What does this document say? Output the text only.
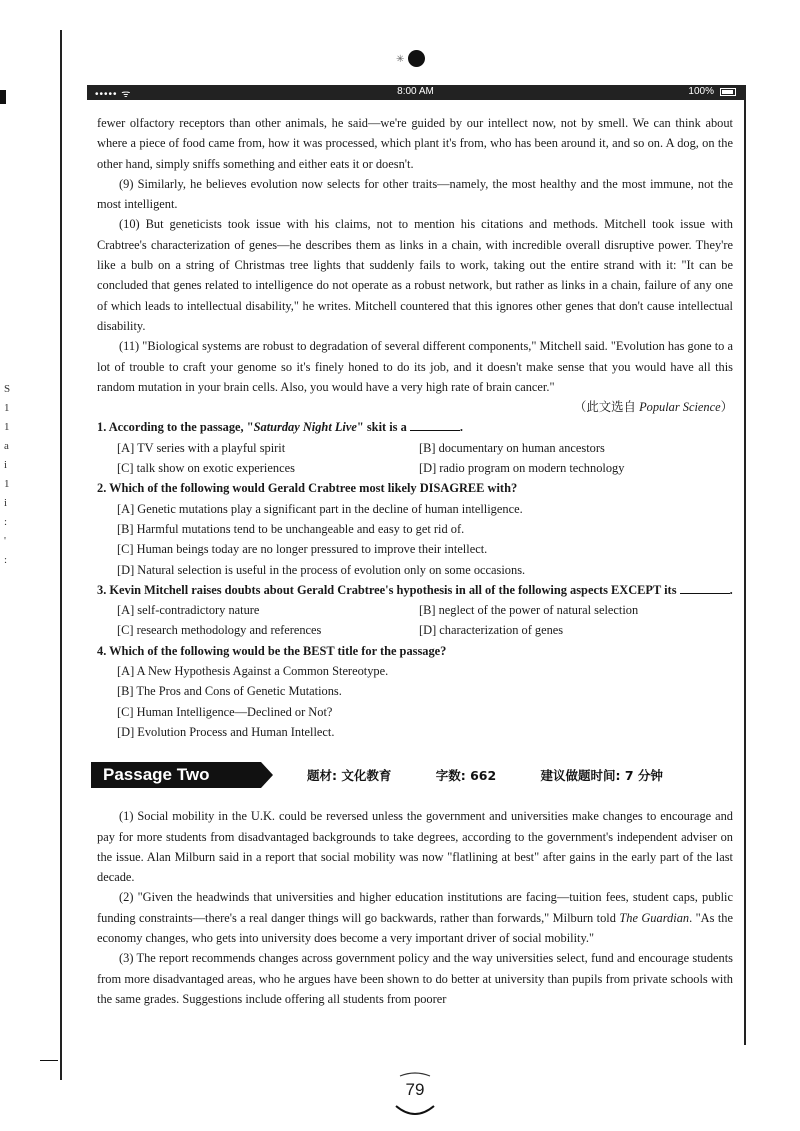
S
1
1
a
i
1
i
:
'
:
✳
••••• ᯤ	8:00 AM	100%

fewer olfactory receptors than other animals, he said—we're guided by our intellect now, not by smell. We can think about where a piece of food came from, how it was processed, which plant it's from, who has been around it, and so on. A dog, on the other hand, simply sniffs something and either eats it or doesn't.

(9) Similarly, he believes evolution now selects for other traits—namely, the most healthy and the most immune, not the most intelligent.

(10) But geneticists took issue with his claims, not to mention his citations and methods. Mitchell took issue with Crabtree's characterization of genes—he describes them as links in a chain, with incredible overall disruptive power. They're like a bulb on a string of Christmas tree lights that suddenly fails to work, taking out the entire strand with it: "It can be concluded that genes related to intelligence do not operate as a robust network, but rather as links in a chain, failure of any one of which leads to intellectual disability," he writes. Mitchell countered that this ignores other genes that don't cause intellectual disability.

(11) "Biological systems are robust to degradation of several different components," Mitchell said. "Evolution has gone to a lot of trouble to craft your genome so it's finely honed to do its job, and it doesn't make sense that you would have all this random mutation in your brain cells. Also, you would have a very high rate of brain cancer."

（此文选自 Popular Science）

1. According to the passage, "Saturday Night Live" skit is a	.

[A] TV series with a playful spirit	[B] documentary on human ancestors
[C] talk show on exotic experiences	[D] radio program on modern technology

2. Which of the following would Gerald Crabtree most likely DISAGREE with?

[A] Genetic mutations play a significant part in the decline of human intelligence.
[B] Harmful mutations tend to be unchangeable and easy to get rid of.
[C] Human beings today are no longer pressured to improve their intellect.
[D] Natural selection is useful in the process of evolution only on some occasions.

3. Kevin Mitchell raises doubts about Gerald Crabtree's hypothesis in all of the following aspects EXCEPT its	.

[A] self-contradictory nature	[B] neglect of the power of natural selection
[C] research methodology and references	[D] characterization of genes

4. Which of the following would be the BEST title for the passage?

[A] A New Hypothesis Against a Common Stereotype.
[B] The Pros and Cons of Genetic Mutations.
[C] Human Intelligence—Declined or Not?
[D] Evolution Process and Human Intellect.
Passage Two	题材: 文化教育	字数: 662	建议做题时间: 7 分钟

(1) Social mobility in the U.K. could be reversed unless the government and universities make changes to encourage and pay for more students from disadvantaged backgrounds to take degrees, according to the government's independent adviser on the issue. Alan Milburn said in a report that social mobility was now "flatlining at best" after gains in the early part of the last decade.

(2) "Given the headwinds that universities and higher education institutions are facing—tuition fees, student caps, public funding constraints—there's a real danger things will go backwards, rather than forwards," Milburn told The Guardian. "As the economy changes, who gets into university does become a very important driver of social mobility."

(3) The report recommends changes across government policy and the way universities select, fund and encourage students from more disadvantaged areas, who he argues have been shown to do better at university than pupils from private schools with the same grades. Suggestions include offering all students from poorer

79
